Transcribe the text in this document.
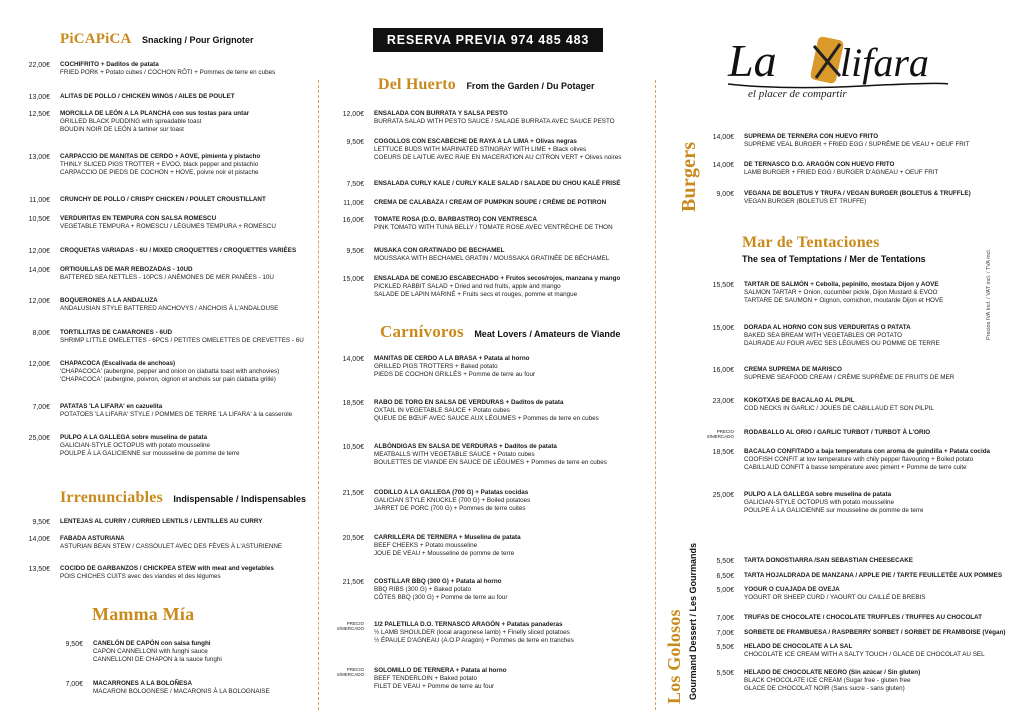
RESERVA PREVIA 974 485 483	La lifara
el placer de compartir
Precios IVA Incl. / VAT incl. / TVA incl.
PiCAPiCA Snacking / Pour Grignoter
22,00€	COCHIFRITO + Daditos de patata
FRIED PORK + Potato cubes / COCHON RÔTI + Pommes de terre en cubes
13,00€	ALITAS DE POLLO / CHICKEN WINGS / AILES DE POULET
12,50€	MORCILLA DE LEÓN A LA PLANCHA con sus tostas para untar
GRILLED BLACK PUDDING with spreadable toast
BOUDIN NOIR DE LEÓN à tartiner sur toast
13,00€	CARPACCIO DE MANITAS DE CERDO + AOVE, pimienta y pistacho
THINLY SLICED PIGS TROTTER + EVOO, black pepper and pistachio
CARPACCIO DE PIEDS DE COCHON + HOVE, poivre noir et pistache
11,00€	CRUNCHY DE POLLO / CRISPY CHICKEN / POULET CROUSTILLANT
10,50€	VERDURITAS EN TEMPURA CON SALSA ROMESCU
VEGETABLE TEMPURA + ROMESCU / LÉGUMES TEMPURA + ROMESCU
12,00€	CROQUETAS VARIADAS - 6U / MIXED CROQUETTES / CROQUETTES VARIÉES
14,00€	ORTIGUILLAS DE MAR REBOZADAS - 10UD
BATTERED SEA NETTLES - 10PCS / ANÉMONES DE MER PANÉES - 10U
12,00€	BOQUERONES A LA ANDALUZA
ANDALUSIAN STYLE BATTERED ANCHOVYS / ANCHOIS À L'ANDALOUSE
8,00€	TORTILLITAS DE CAMARONES - 6UD
SHRIMP LITTLE OMELETTES - 6PCS / PETITES OMELETTES DE CREVETTES - 6U
12,00€	CHAPACOCA (Escalivada de anchoas)
'CHAPACOCA' (aubergine, pepper and onion on ciabatta toast with anchovies)
'CHAPACOCA' (aubergine, poivron, oignon et anchois sur pain ciabatta grillé)
7,00€	PATATAS 'LA LIFARA' en cazuelita
POTATOES 'LA LIFARA' STYLE / POMMES DE TERRE 'LA LIFARA' à la casserole
25,00€	PULPO A LA GALLEGA sobre muselina de patata
GALICIAN-STYLE OCTOPUS with potato mousseline
POULPE À LA GALICIENNE sur mousseline de pomme de terre
Irrenunciables Indispensable / Indispensables
9,50€	LENTEJAS AL CURRY / CURRIED LENTILS / LENTILLES AU CURRY
14,00€	FABADA ASTURIANA
ASTURIAN BEAN STEW / CASSOULET AVEC DES FÈVES À L'ASTURIENNE
13,50€	COCIDO DE GARBANZOS / CHICKPEA STEW with meat and vegetables
POIS CHICHES CUITS avec des viandes et des légumes
Mamma Mía
9,50€	CANELÓN DE CAPÓN con salsa funghi
CAPON CANNELLONI with funghi sauce
CANNELLONI DE CHAPON à la sauce funghi
7,00€	MACARRONES A LA BOLOÑESA
MACARONI BOLOGNESE / MACARONIS À LA BOLOGNAISE
Del Huerto From the Garden / Du Potager
12,00€	ENSALADA CON BURRATA Y SALSA PESTO
BURRATA SALAD WITH PESTO SAUCE / SALADE BURRATA AVEC SAUCE PESTO
9,50€	COGOLLOS CON ESCABECHE DE RAYA A LA LIMA + Olivas negras
LETTUCE BUDS WITH MARINATED STINGRAY WITH LIME + Black olives
COEURS DE LAITUE AVEC RAIE EN MACERATION AU CITRON VERT + Olives noires
7,50€	ENSALADA CURLY KALE / CURLY KALE SALAD / SALADE DU CHOU KALÉ FRISÉ
11,00€	CREMA DE CALABAZA / CREAM OF PUMPKIN SOUPE / CRÈME DE POTIRON
16,00€	TOMATE ROSA (D.O. BARBASTRO) CON VENTRESCA
PINK TOMATO WITH TUNA BELLY / TOMATE ROSE AVEC VENTRÈCHE DE THON
9,50€	MUSAKA CON GRATINADO DE BECHAMEL
MOUSSAKA WITH BECHAMEL GRATIN / MOUSSAKA GRATINÉE DE BÉCHAMEL
15,00€	ENSALADA DE CONEJO ESCABECHADO + Frutos secos/rojos, manzana y mango
PICKLED RABBIT SALAD + Dried and red fruits, apple and mango
SALADE DE LAPIN MARINÉ + Fruits secs et rouges, pomme et mangue
Carnívoros Meat Lovers / Amateurs de Viande
14,00€	MANITAS DE CERDO A LA BRASA + Patata al horno
GRILLED PIGS TROTTERS + Baked potato
PIEDS DE COCHON GRILLÉS + Pomme de terre au four
18,50€	RABO DE TORO EN SALSA DE VERDURAS + Daditos de patata
OXTAIL IN VEGETABLE SAUCE + Potato cubes
QUEUE DE BŒUF AVEC SAUCE AUX LÉGUMES + Pommes de terre en cubes
10,50€	ALBÓNDIGAS EN SALSA DE VERDURAS + Daditos de patata
MEATBALLS WITH VEGETABLE SAUCE + Potato cubes
BOULETTES DE VIANDE EN SAUCE DE LÉGUMES + Pommes de terre en cubes
21,50€	CODILLO A LA GALLEGA (700 G) + Patatas cocidas
GALICIAN STYLE KNUCKLE (700 G) + Boiled potatoes
JARRET DE PORC (700 G) + Pommes de terre cuites
20,50€	CARRILLERA DE TERNERA + Muselina de patata
BEEF CHEEKS + Potato mousseline
JOUE DE VEAU + Mousseline de pomme de terre
21,50€	COSTILLAR BBQ (300 G) + Patata al horno
BBQ RIBS (300 G) + Baked potato
CÔTES BBQ (300 G) + Pomme de terre au four
PRECIO S/MERCADO
1/2 PALETILLA D.O. TERNASCO ARAGÓN + Patatas panaderas
½ LAMB SHOULDER (local aragonese lamb) + Finelly sliced potatoes
½ ÉPAULE D'AGNEAU (A.O.P Aragón) + Pommes de terre en tranches
PRECIO S/MERCADO
SOLOMILLO DE TERNERA + Patata al horno
BEEF TENDERLOIN + Baked potato
FILET DE VEAU + Pomme de terre au four
Burgers
14,00€	SUPREMA DE TERNERA CON HUEVO FRITO
SUPREME VEAL BURGER + FRIED EGG / SUPRÊME DE VEAU + OEUF FRIT
14,00€	DE TERNASCO D.O. ARAGÓN CON HUEVO FRITO
LAMB BURGER + FRIED EGG / BURGER D'AGNEAU + OEUF FRIT
9,00€	VEGANA DE BOLETUS Y TRUFA / VEGAN BURGER (BOLETUS & TRUFFLE)
VEGAN BURGER (BOLETUS ET TRUFFE)
Mar de Tentaciones
The sea of Temptations / Mer de Tentations
15,50€	TARTAR DE SALMÓN + Cebolla, pepinillo, mostaza Dijon y AOVE
SALMON TARTAR + Onion, cucumber pickle, Dijon Mustard & EVOO
TARTARE DE SAUMON + Oignon, cornichon, moutarde Dijon et HOVE
15,00€	DORADA AL HORNO CON SUS VERDURITAS O PATATA
BAKED SEA BREAM WITH VEGETABLES OR POTATO
DAURADE AU FOUR AVEC SES LÉGUMES OU POMME DE TERRE
16,00€	CREMA SUPREMA DE MARISCO
SUPREME SEAFOOD CREAM / CRÈME SUPRÊME DE FRUITS DE MER
23,00€	KOKOTXAS DE BACALAO AL PILPIL
COD NECKS IN GARLIC / JOUES DE CABILLAUD ET SON PILPIL
PRECIO S/MERCADO
RODABALLO AL ORIO / GARLIC TURBOT / TURBOT À L'ORIO
18,50€	BACALAO CONFITADO a baja temperatura con aroma de guindilla + Patata cocida
COOFISH CONFIT at low temperature with chily pepper flavouring + Boiled potato
CABILLAUD CONFIT à basse température avec piment + Pomme de terre cuite
25,00€	PULPO A LA GALLEGA sobre muselina de patata
GALICIAN-STYLE OCTOPUS with potato mousseline
POULPE À LA GALICIENNE sur mousseline de pomme de terre
Los Golosos Gourmand Dessert / Les Gourmands	5,50€	TARTA DONOSTIARRA /SAN SEBASTIAN CHEESECAKE
6,50€	TARTA HOJALDRADA DE MANZANA / APPLE PIE / TARTE FEUILLETÉE AUX POMMES
5,00€	YOGUR O CUAJADA DE OVEJA
YOGURT OR SHEEP CURD / YAOURT OU CAILLÉ DE BREBIS
7,00€	TRUFAS DE CHOCOLATE / CHOCOLATE TRUFFLES / TRUFFES AU CHOCOLAT
7,00€	SORBETE DE FRAMBUESA / RASPBERRY SORBET / SORBET DE FRAMBOISE (Végan)
5,50€	HELADO DE CHOCOLATE A LA SAL
CHOCOLATE ICE CREAM WITH A SALTY TOUCH / GLACE DE CHOCOLAT AU SEL
5,50€	HELADO DE CHOCOLATE NEGRO (Sin azúcar / Sin gluten)
BLACK CHOCOLATE ICE CREAM (Sugar free - gluten free
GLACE DE CHOCOLAT NOIR (Sans sucre - sans gluten)
